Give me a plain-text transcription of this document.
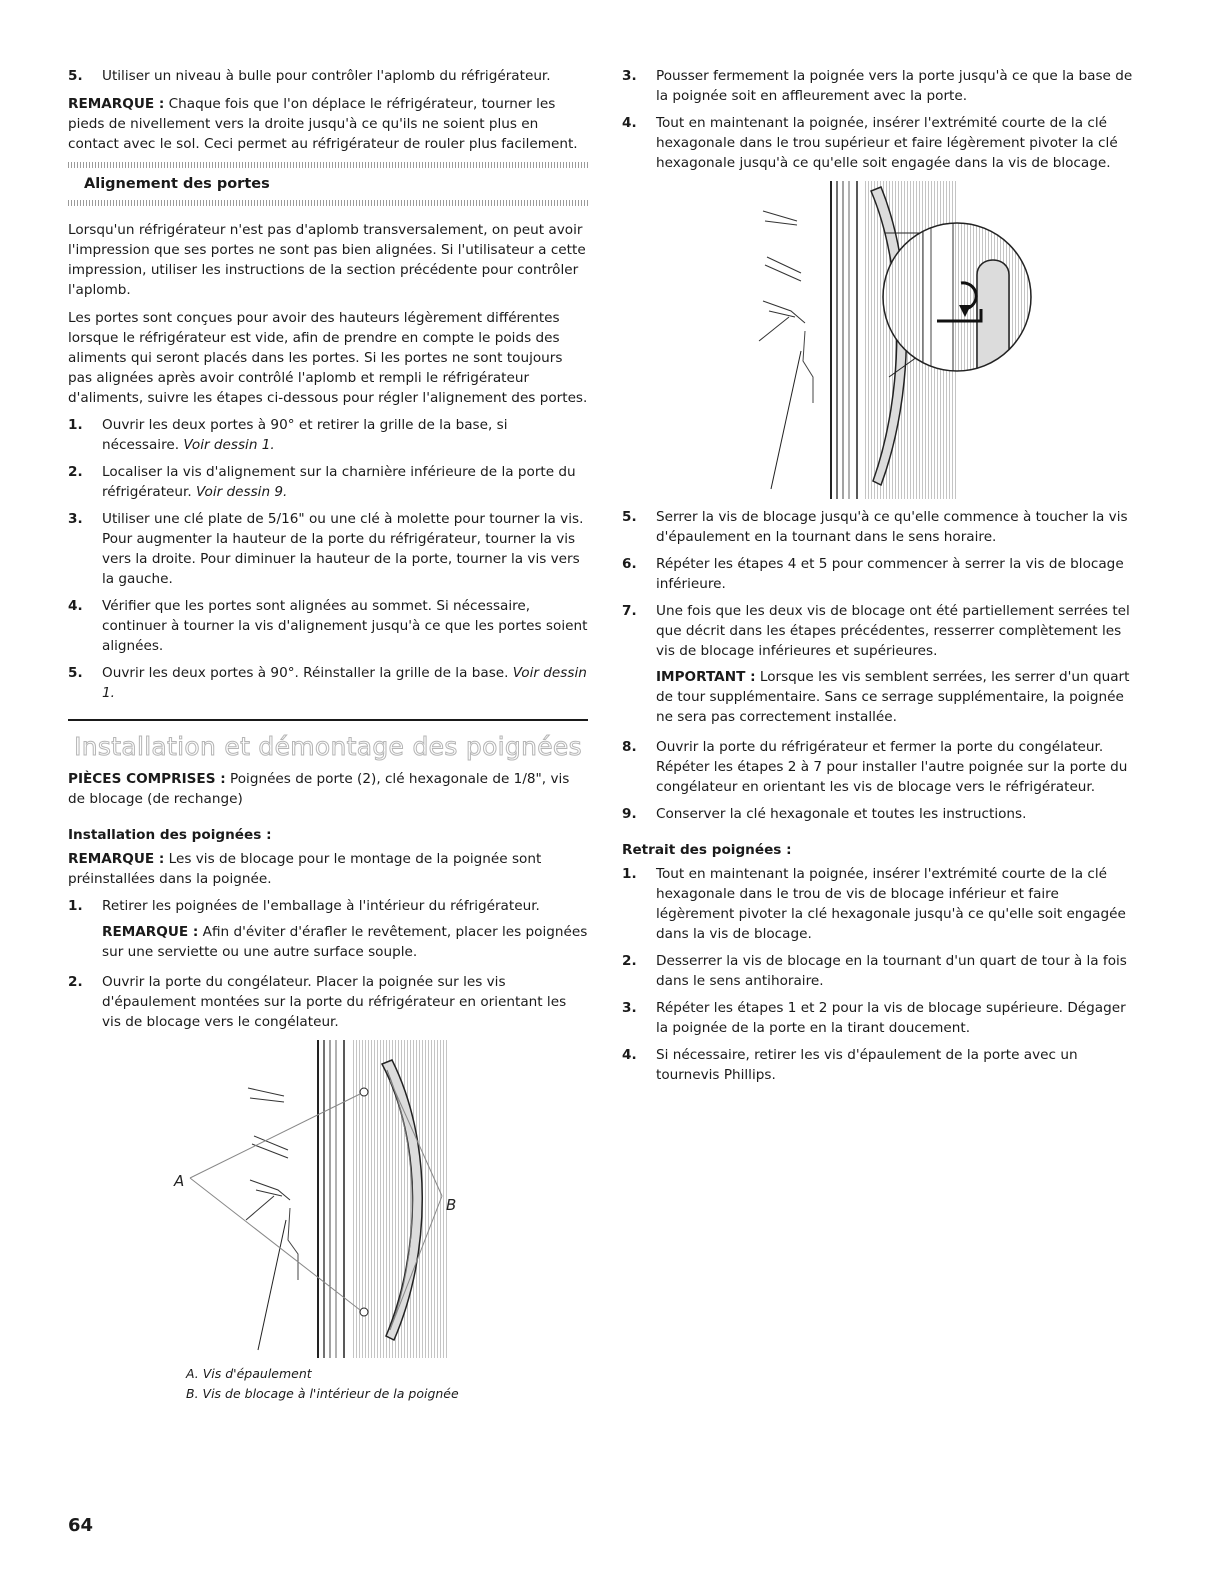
5.	Utiliser un niveau à bulle pour contrôler l'aplomb du réfrigérateur.

REMARQUE : Chaque fois que l'on déplace le réfrigérateur, tourner les pieds de nivellement vers la droite jusqu'à ce qu'ils ne soient plus en contact avec le sol. Ceci permet au réfrigérateur de rouler plus facilement.

Alignement des portes

Lorsqu'un réfrigérateur n'est pas d'aplomb transversalement, on peut avoir l'impression que ses portes ne sont pas bien alignées. Si l'utilisateur a cette impression, utiliser les instructions de la section précédente pour contrôler l'aplomb.

Les portes sont conçues pour avoir des hauteurs légèrement différentes lorsque le réfrigérateur est vide, afin de prendre en compte le poids des aliments qui seront placés dans les portes. Si les portes ne sont toujours pas alignées après avoir contrôlé l'aplomb et rempli le réfrigérateur d'aliments, suivre les étapes ci-dessous pour régler l'alignement des portes.

1.	Ouvrir les deux portes à 90° et retirer la grille de la base, si nécessaire. Voir dessin 1.
2.	Localiser la vis d'alignement sur la charnière inférieure de la porte du réfrigérateur. Voir dessin 9.
3.	Utiliser une clé plate de 5/16" ou une clé à molette pour tourner la vis. Pour augmenter la hauteur de la porte du réfrigérateur, tourner la vis vers la droite. Pour diminuer la hauteur de la porte, tourner la vis vers la gauche.
4.	Vérifier que les portes sont alignées au sommet. Si nécessaire, continuer à tourner la vis d'alignement jusqu'à ce que les portes soient alignées.
5.	Ouvrir les deux portes à 90°. Réinstaller la grille de la base. Voir dessin 1.
Installation et démontage des poignées

PIÈCES COMPRISES : Poignées de porte (2), clé hexagonale de 1/8", vis de blocage (de rechange)

Installation des poignées :

REMARQUE : Les vis de blocage pour le montage de la poignée sont préinstallées dans la poignée.

1.	Retirer les poignées de l'emballage à l'intérieur du réfrigérateur.

REMARQUE : Afin d'éviter d'érafler le revêtement, placer les poignées sur une serviette ou une autre surface souple.

2.	Ouvrir la porte du congélateur. Placer la poignée sur les vis d'épaulement montées sur la porte du réfrigérateur en orientant les vis de blocage vers le congélateur.
A
B
A. Vis d'épaulement
B. Vis de blocage à l'intérieur de la poignée
3.	Pousser fermement la poignée vers la porte jusqu'à ce que la base de la poignée soit en affleurement avec la porte.
4.	Tout en maintenant la poignée, insérer l'extrémité courte de la clé hexagonale dans le trou supérieur et faire légèrement pivoter la clé hexagonale jusqu'à ce qu'elle soit engagée dans la vis de blocage.
5.	Serrer la vis de blocage jusqu'à ce qu'elle commence à toucher la vis d'épaulement en la tournant dans le sens horaire.
6.	Répéter les étapes 4 et 5 pour commencer à serrer la vis de blocage inférieure.
7.	Une fois que les deux vis de blocage ont été partiellement serrées tel que décrit dans les étapes précédentes, resserrer complètement les vis de blocage inférieures et supérieures.

IMPORTANT : Lorsque les vis semblent serrées, les serrer d'un quart de tour supplémentaire. Sans ce serrage supplémentaire, la poignée ne sera pas correctement installée.

8.	Ouvrir la porte du réfrigérateur et fermer la porte du congélateur. Répéter les étapes 2 à 7 pour installer l'autre poignée sur la porte du congélateur en orientant les vis de blocage vers le réfrigérateur.
9.	Conserver la clé hexagonale et toutes les instructions.
Retrait des poignées :
1.	Tout en maintenant la poignée, insérer l'extrémité courte de la clé hexagonale dans le trou de vis de blocage inférieur et faire légèrement pivoter la clé hexagonale jusqu'à ce qu'elle soit engagée dans la vis de blocage.
2.	Desserrer la vis de blocage en la tournant d'un quart de tour à la fois dans le sens antihoraire.
3.	Répéter les étapes 1 et 2 pour la vis de blocage supérieure. Dégager la poignée de la porte en la tirant doucement.
4.	Si nécessaire, retirer les vis d'épaulement de la porte avec un tournevis Phillips.
64
